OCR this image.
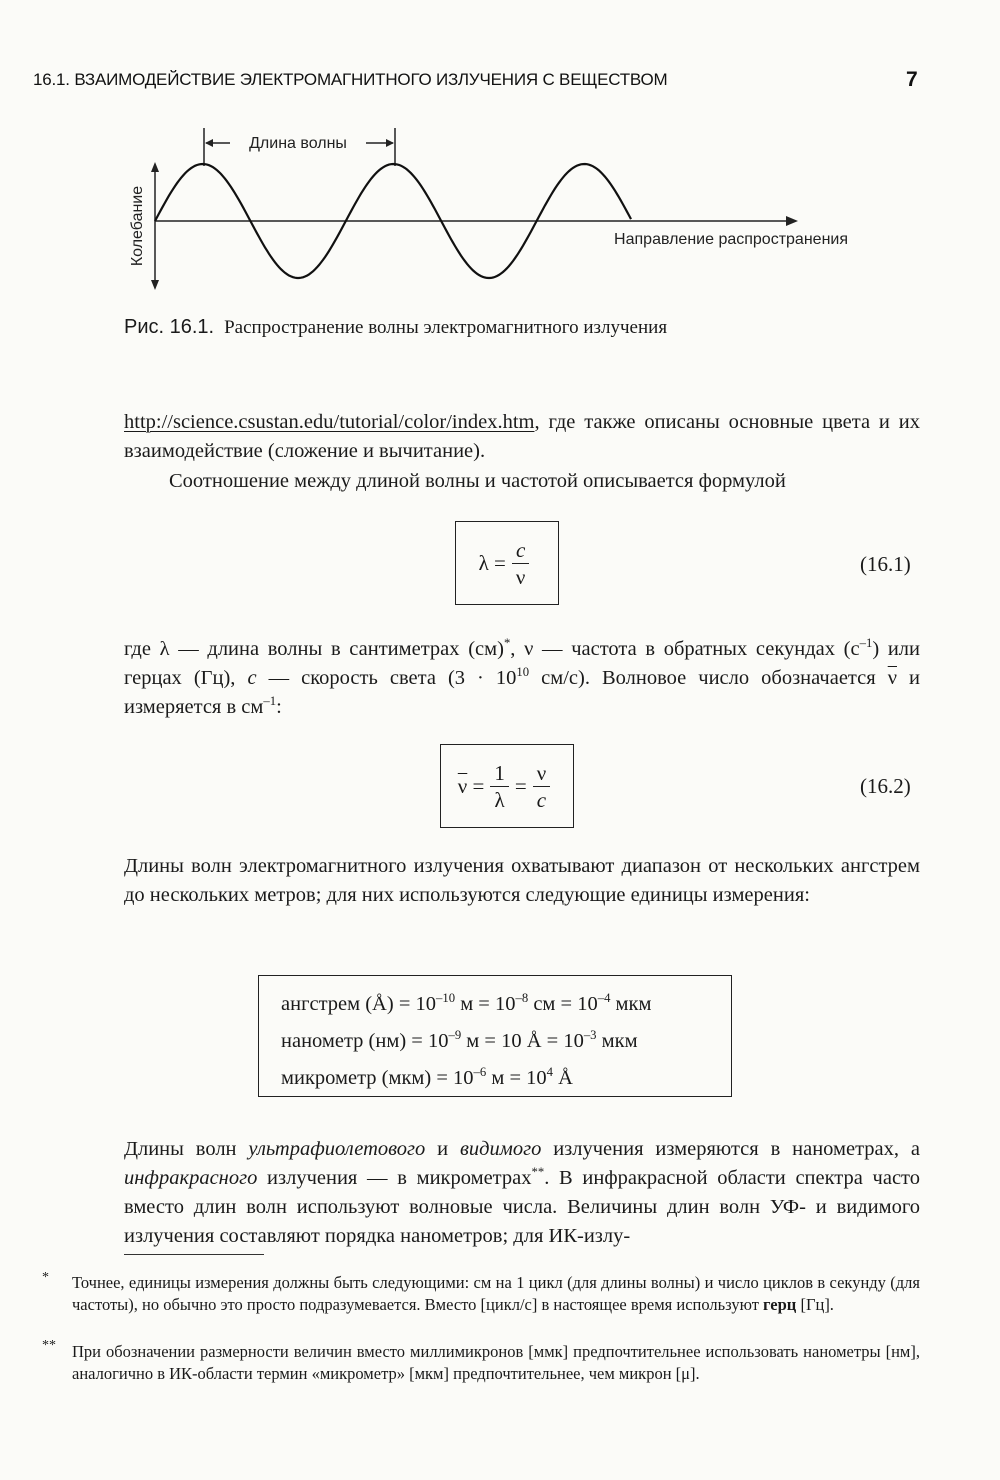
16.1. ВЗАИМОДЕЙСТВИЕ ЭЛЕКТРОМАГНИТНОГО ИЗЛУЧЕНИЯ С ВЕЩЕСТВОМ	7
Длина волны
Колебание	Направление распространения
Рис. 16.1. Распространение волны электромагнитного излучения
http://science.csustan.edu/tutorial/color/index.htm, где также описаны основные цвета и их взаимодействие (сложение и вычитание).
Соотношение между длиной волны и частотой описывается формулой
$\lambda = \frac{c}{\nu}$	(16.1)
где λ — длина волны в сантиметрах (см)*, ν — частота в обратных секундах $(с^{-1})$ или герцах (Гц), c — скорость света ($3 \cdot 10^{10}$ см/с). Волновое число обозначается $\overline{\nu}$ и измеряется в $см^{-1}$:
$\overline{\nu}$
= $\frac{1}{\lambda} = \frac{\nu}{c}$	(16.2)
Длины волн электромагнитного излучения охватывают диапазон от нескольких ангстрем до нескольких метров; для них используются следующие единицы измерения:
ангстрем (Å) = $10^{-10}$ $м = 10^{-8}$ см = $10^{-4}$ мкм
нанометр $(нм) = 10^{-9}$ м = 10 Å = $10^{-3}$ мкм
микрометр $(мкм) = 10^{-6}$ $м = 10^4$ Å
Длины волн ультрафиолетового и видимого излучения измеряются в нанометрах, а инфракрасного излучения — в микрометрах**. В инфракрасной области спектра часто вместо длин волн используют волновые числа. Величины длин волн УФ- и видимого излучения составляют порядка нанометров; для ИК-излу-
* Точнее, единицы измерения должны быть следующими: см на 1 цикл (для длины волны) и число циклов в секунду (для частоты), но обычно это просто подразумевается. Вместо [цикл/с] в настоящее время используют герц [Гц].
** При обозначении размерности величин вместо миллимикронов [ммк] предпочтительнее использовать нанометры [нм], аналогично в ИК-области термин «микрометр» [мкм] предпочтительнее, чем микрон [μ].
